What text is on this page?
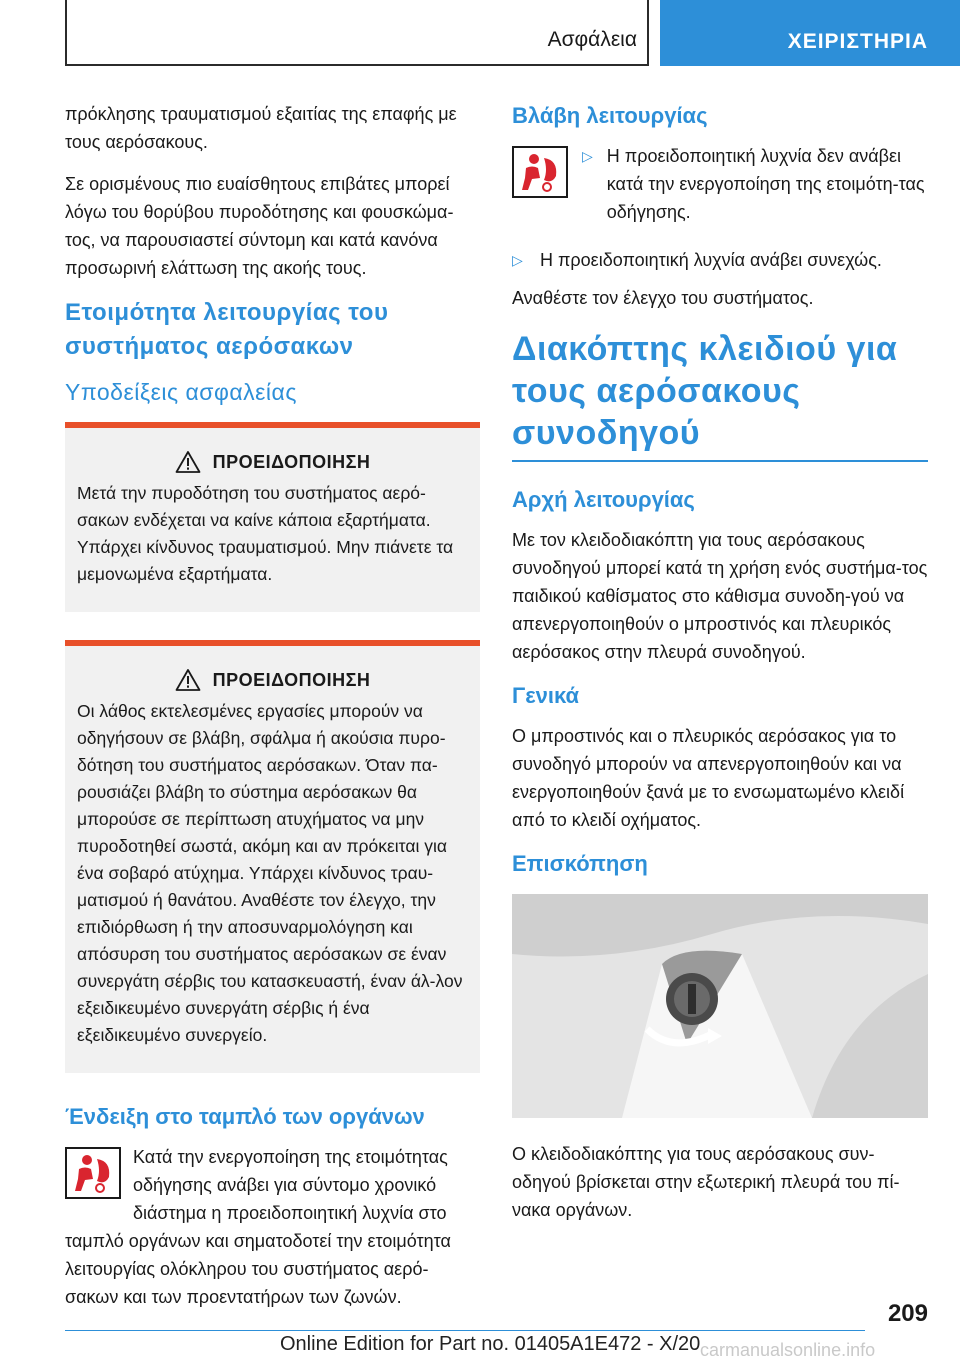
Ασφάλεια	ΧΕΙΡΙΣΤΗΡΙΑ

πρόκλησης τραυματισμού εξαιτίας της επαφής με τους αερόσακους.

Σε ορισμένους πιο ευαίσθητους επιβάτες μπορεί λόγω του θορύβου πυροδότησης και φουσκώμα-τος, να παρουσιαστεί σύντομη και κατά κανόνα προσωρινή ελάττωση της ακοής τους.

Ετοιμότητα λειτουργίας του συστήματος αερόσακων
Υποδείξεις ασφαλείας
ΠΡΟΕΙΔΟΠΟΙΗΣΗ

Μετά την πυροδότηση του συστήματος αερό-σακων ενδέχεται να καίνε κάποια εξαρτήματα. Υπάρχει κίνδυνος τραυματισμού. Μην πιάνετε τα μεμονωμένα εξαρτήματα.

ΠΡΟΕΙΔΟΠΟΙΗΣΗ

Οι λάθος εκτελεσμένες εργασίες μπορούν να οδηγήσουν σε βλάβη, σφάλμα ή ακούσια πυρο-δότηση του συστήματος αερόσακων. Όταν πα-ρουσιάζει βλάβη το σύστημα αερόσακων θα μπορούσε σε περίπτωση ατυχήματος να μην πυροδοτηθεί σωστά, ακόμη και αν πρόκειται για ένα σοβαρό ατύχημα. Υπάρχει κίνδυνος τραυ-ματισμού ή θανάτου. Αναθέστε τον έλεγχο, την επιδιόρθωση ή την αποσυναρμολόγηση και απόσυρση του συστήματος αερόσακων σε έναν συνεργάτη σέρβις του κατασκευαστή, έναν άλ-λον εξειδικευμένο συνεργάτη σέρβις ή ένα εξειδικευμένο συνεργείο.

Ένδειξη στο ταμπλό των οργάνων

Κατά την ενεργοποίηση της ετοιμότητας οδήγησης ανάβει για σύντομο χρονικό διάστημα η προειδοποιητική λυχνία στο ταμπλό οργάνων και σηματοδοτεί την ετοιμότητα λειτουργίας ολόκληρου του συστήματος αερό-σακων και των προεντατήρων των ζωνών.

Βλάβη λειτουργίας
▷ Η προειδοποιητική λυχνία δεν ανάβει κατά την ενεργοποίηση της ετοιμότη-τας οδήγησης.
▷ Η προειδοποιητική λυχνία ανάβει συνεχώς.

Αναθέστε τον έλεγχο του συστήματος.

Διακόπτης κλειδιού για τους αερόσακους συνοδηγού
Αρχή λειτουργίας

Με τον κλειδοδιακόπτη για τους αερόσακους συνοδηγού μπορεί κατά τη χρήση ενός συστήμα-τος παιδικού καθίσματος στο κάθισμα συνοδη-γού να απενεργοποιηθούν ο μπροστινός και πλευρικός αερόσακος στην πλευρά συνοδηγού.

Γενικά

Ο μπροστινός και ο πλευρικός αερόσακος για το συνοδηγό μπορούν να απενεργοποιηθούν και να ενεργοποιηθούν ξανά με το ενσωματωμένο κλειδί από το κλειδί οχήματος.

Επισκόπηση

Ο κλειδοδιακόπτης για τους αερόσακους συν-οδηγού βρίσκεται στην εξωτερική πλευρά του πί-νακα οργάνων.

209
Online Edition for Part no. 01405A1E472 - X/20 carmanualsonline.info
